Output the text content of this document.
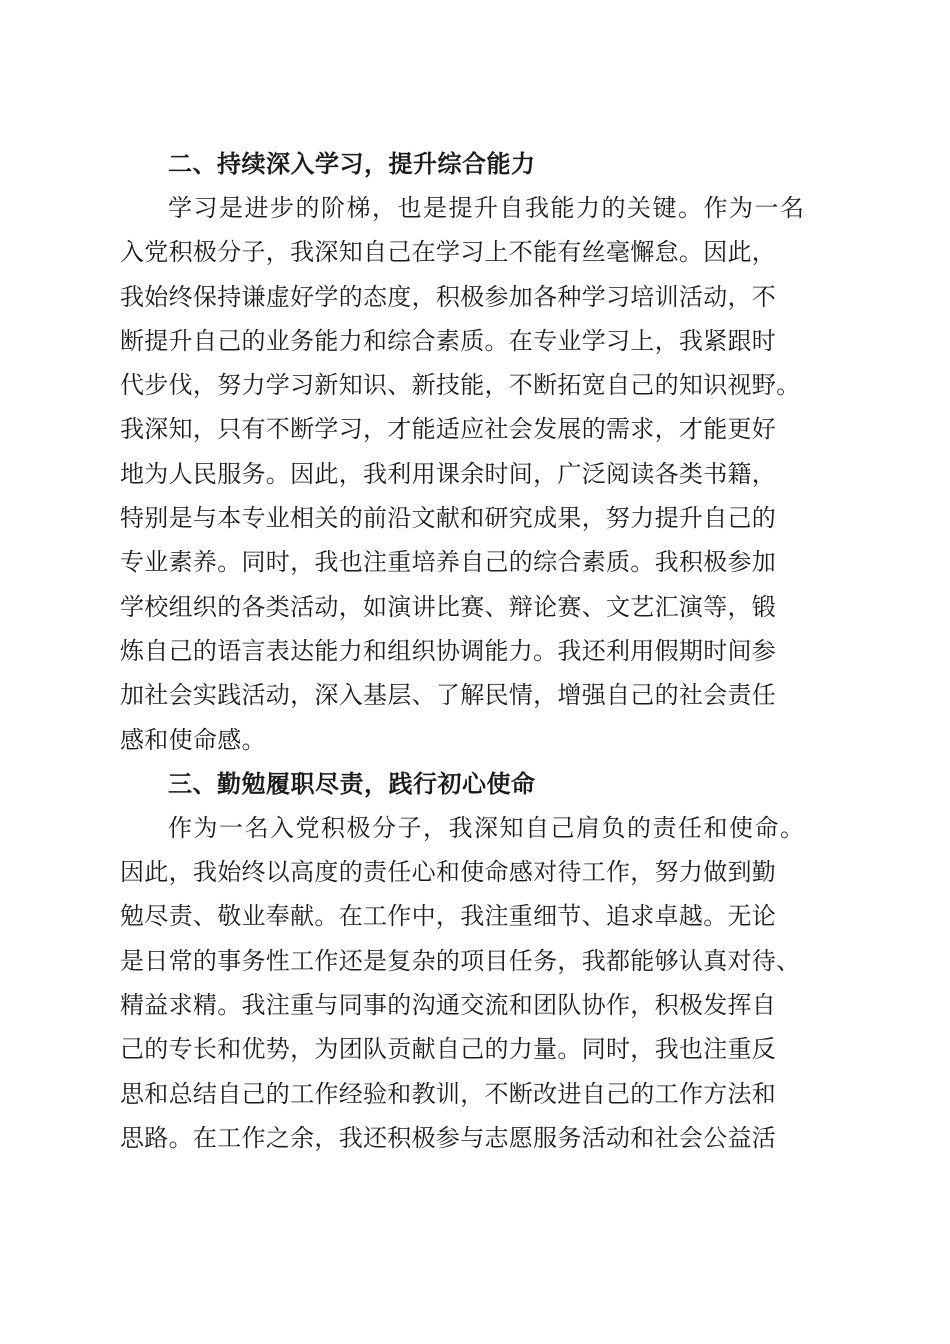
二、持续深入学习，提升综合能力
学习是进步的阶梯，也是提升自我能力的关键。作为一名
入党积极分子，我深知自己在学习上不能有丝毫懈怠。因此，
我始终保持谦虚好学的态度，积极参加各种学习培训活动，不
断提升自己的业务能力和综合素质。在专业学习上，我紧跟时
代步伐，努力学习新知识、新技能，不断拓宽自己的知识视野。
我深知，只有不断学习，才能适应社会发展的需求，才能更好
地为人民服务。因此，我利用课余时间，广泛阅读各类书籍，
特别是与本专业相关的前沿文献和研究成果，努力提升自己的
专业素养。同时，我也注重培养自己的综合素质。我积极参加
学校组织的各类活动，如演讲比赛、辩论赛、文艺汇演等，锻
炼自己的语言表达能力和组织协调能力。我还利用假期时间参
加社会实践活动，深入基层、了解民情，增强自己的社会责任
感和使命感。
三、勤勉履职尽责，践行初心使命
作为一名入党积极分子，我深知自己肩负的责任和使命。
因此，我始终以高度的责任心和使命感对待工作，努力做到勤
勉尽责、敬业奉献。在工作中，我注重细节、追求卓越。无论
是日常的事务性工作还是复杂的项目任务，我都能够认真对待、
精益求精。我注重与同事的沟通交流和团队协作，积极发挥自
己的专长和优势，为团队贡献自己的力量。同时，我也注重反
思和总结自己的工作经验和教训，不断改进自己的工作方法和
思路。在工作之余，我还积极参与志愿服务活动和社会公益活
